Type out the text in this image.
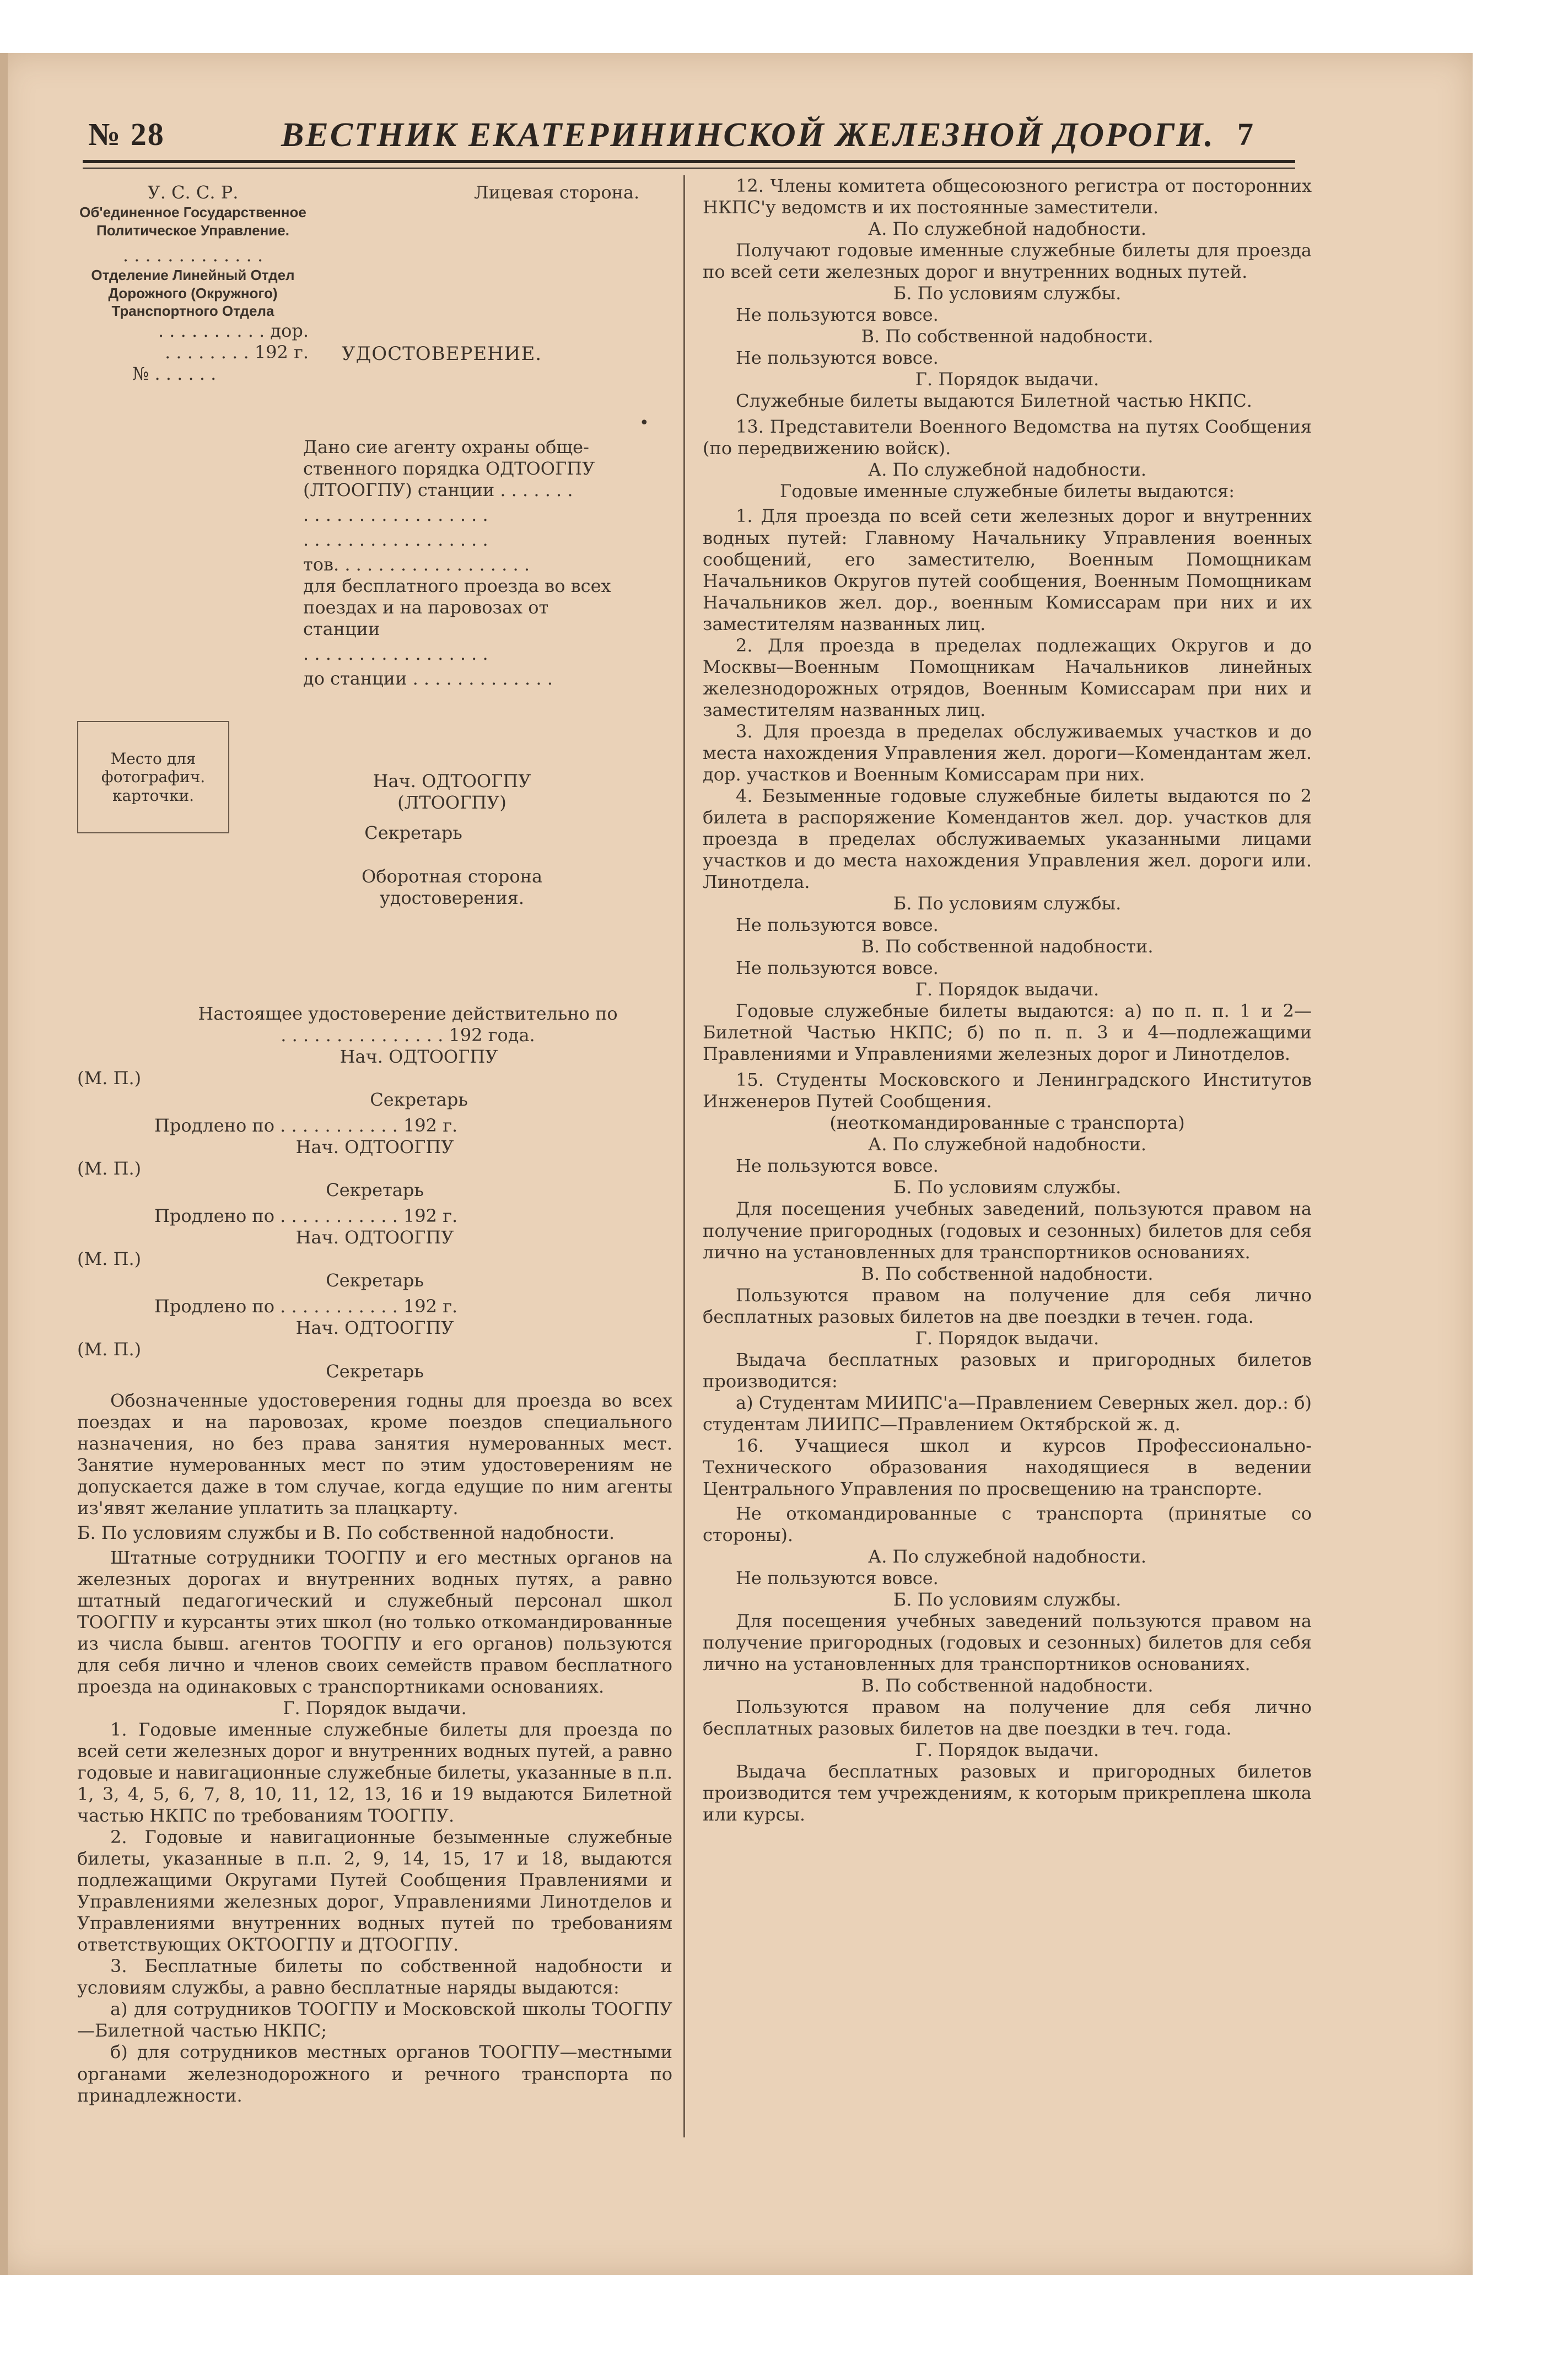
№ 28	ВЕСТНИК ЕКАТЕРИНИНСКОЙ ЖЕЛЕЗНОЙ ДОРОГИ. 7

У. С. С. Р.

Об'единенное Государственное

Политическое Управление.

. . . . . . . . . . . . .

Отделение Линейный Отдел

Дорожного (Окружного)

Транспортного Отдела

. . . . . . . . . . дор.

. . . . . . . . 192 г.

№ . . . . . .

Лицевая сторона.
УДОСТОВЕРЕНИЕ.
•

Дано сие агенту охраны обще-

ственного порядка ОДТООГПУ

(ЛТООГПУ) станции . . . . . . .

. . . . . . . . . . . . . . . . .

. . . . . . . . . . . . . . . . .

тов. . . . . . . . . . . . . . . . . .

для бесплатного проезда во всех

поездах и на паровозах от станции

. . . . . . . . . . . . . . . . .

до станции . . . . . . . . . . . . .

Место для фотографич. карточки.

Нач. ОДТООГПУ

(ЛТООГПУ)

Секретарь

Оборотная сторона удостоверения.

Настоящее удостоверение действительно по

. . . . . . . . . . . . . . . 192 года.

Нач. ОДТООГПУ

(М. П.)

Секретарь

Продлено по . . . . . . . . . . . 192 г.

Нач. ОДТООГПУ

(М. П.)

Секретарь

Продлено по . . . . . . . . . . . 192 г.

Нач. ОДТООГПУ

(М. П.)

Секретарь

Продлено по . . . . . . . . . . . 192 г.

Нач. ОДТООГПУ

(М. П.)

Секретарь

Обозначенные удостоверения годны для проезда во всех поездах и на паровозах, кроме поездов специального назначения, но без права занятия нумерованных мест. Занятие нумерованных мест по этим удостоверениям не допускается даже в том случае, когда едущие по ним агенты из'явят желание уплатить за плацкарту.

Б. По условиям службы и В. По собственной надобности.

Штатные сотрудники ТООГПУ и его местных органов на железных дорогах и внутренних водных путях, а равно штатный педагогический и служебный персонал школ ТООГПУ и курсанты этих школ (но только откомандированные из числа бывш. агентов ТООГПУ и его органов) пользуются для себя лично и членов своих семейств правом бесплатного проезда на одинаковых с транспортниками основаниях.

Г. Порядок выдачи.

1. Годовые именные служебные билеты для проезда по всей сети железных дорог и внутренних водных путей, а равно годовые и навигационные служебные билеты, указанные в п.п. 1, 3, 4, 5, 6, 7, 8, 10, 11, 12, 13, 16 и 19 выдаются Билетной частью НКПС по требованиям ТООГПУ.

2. Годовые и навигационные безыменные служебные билеты, указанные в п.п. 2, 9, 14, 15, 17 и 18, выдаются подлежащими Округами Путей Сообщения Правлениями и Управлениями железных дорог, Управлениями Линотделов и Управлениями внутренних водных путей по требованиям ответствующих ОКТООГПУ и ДТООГПУ.

3. Бесплатные билеты по собственной надобности и условиям службы, а равно бесплатные наряды выдаются:

а) для сотрудников ТООГПУ и Московской школы ТООГПУ—Билетной частью НКПС;

б) для сотрудников местных органов ТООГПУ—местными органами железнодорожного и речного транспорта по принадлежности.

12. Члены комитета общесоюзного регистра от посторонних НКПС'у ведомств и их постоянные заместители.

А. По служебной надобности.

Получают годовые именные служебные билеты для проезда по всей сети железных дорог и внутренних водных путей.

Б. По условиям службы.

Не пользуются вовсе.

В. По собственной надобности.

Не пользуются вовсе.

Г. Порядок выдачи.

Служебные билеты выдаются Билетной частью НКПС.

13. Представители Военного Ведомства на путях Сообщения (по передвижению войск).

А. По служебной надобности.

Годовые именные служебные билеты выдаются:

1. Для проезда по всей сети железных дорог и внутренних водных путей: Главному Начальнику Управления военных сообщений, его заместителю, Военным Помощникам Начальников Округов путей сообщения, Военным Помощникам Начальников жел. дор., военным Комиссарам при них и их заместителям названных лиц.

2. Для проезда в пределах подлежащих Округов и до Москвы—Военным Помощникам Начальников линейных железнодорожных отрядов, Военным Комиссарам при них и заместителям названных лиц.

3. Для проезда в пределах обслуживаемых участков и до места нахождения Управления жел. дороги—Комендантам жел. дор. участков и Военным Комиссарам при них.

4. Безыменные годовые служебные билеты выдаются по 2 билета в распоряжение Комендантов жел. дор. участков для проезда в пределах обслуживаемых указанными лицами участков и до места нахождения Управления жел. дороги или. Линотдела.

Б. По условиям службы.

Не пользуются вовсе.

В. По собственной надобности.

Не пользуются вовсе.

Г. Порядок выдачи.

Годовые служебные билеты выдаются: а) по п. п. 1 и 2—Билетной Частью НКПС; б) по п. п. 3 и 4—подлежащими Правлениями и Управлениями железных дорог и Линотделов.

15. Студенты Московского и Ленинградского Институтов Инженеров Путей Сообщения.

(неоткомандированные с транспорта)

А. По служебной надобности.

Не пользуются вовсе.

Б. По условиям службы.

Для посещения учебных заведений, пользуются правом на получение пригородных (годовых и сезонных) билетов для себя лично на установленных для транспортников основаниях.

В. По собственной надобности.

Пользуются правом на получение для себя лично бесплатных разовых билетов на две поездки в течен. года.

Г. Порядок выдачи.

Выдача бесплатных разовых и пригородных билетов производится:

а) Студентам МИИПС'а—Правлением Северных жел. дор.: б) студентам ЛИИПС—Правлением Октябрской ж. д.

16. Учащиеся школ и курсов Профессионально-Технического образования находящиеся в ведении Центрального Управления по просвещению на транспорте.

Не откомандированные с транспорта (принятые со стороны).

А. По служебной надобности.

Не пользуются вовсе.

Б. По условиям службы.

Для посещения учебных заведений пользуются правом на получение пригородных (годовых и сезонных) билетов для себя лично на установленных для транспортников основаниях.

В. По собственной надобности.

Пользуются правом на получение для себя лично бесплатных разовых билетов на две поездки в теч. года.

Г. Порядок выдачи.

Выдача бесплатных разовых и пригородных билетов производится тем учреждениям, к которым прикреплена школа или курсы.
